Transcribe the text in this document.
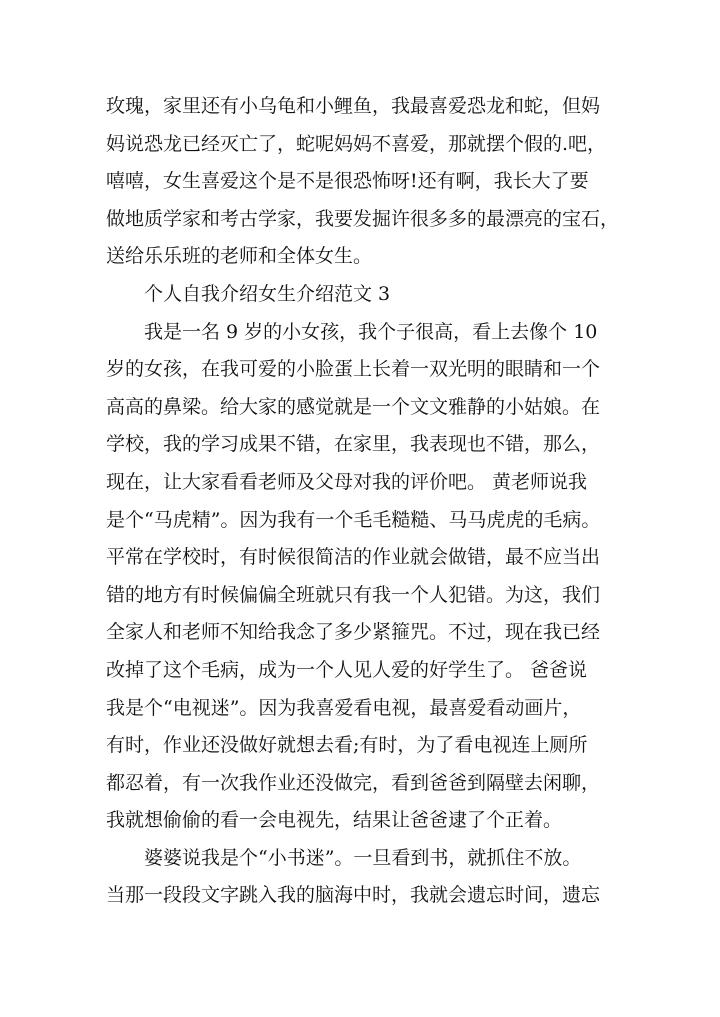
玫瑰，家里还有小乌龟和小鲤鱼，我最喜爱恐龙和蛇，但妈
妈说恐龙已经灭亡了，蛇呢妈妈不喜爱，那就摆个假的.吧，
嘻嘻，女生喜爱这个是不是很恐怖呀!还有啊，我长大了要
做地质学家和考古学家，我要发掘许很多多的最漂亮的宝石，
送给乐乐班的老师和全体女生。
个人自我介绍女生介绍范文 3
我是一名 9 岁的小女孩，我个子很高，看上去像个 10
岁的女孩，在我可爱的小脸蛋上长着一双光明的眼睛和一个
高高的鼻梁。给大家的感觉就是一个文文雅静的小姑娘。在
学校，我的学习成果不错，在家里，我表现也不错，那么，
现在，让大家看看老师及父母对我的评价吧。 黄老师说我
是个“马虎精”。因为我有一个毛毛糙糙、马马虎虎的毛病。
平常在学校时，有时候很简洁的作业就会做错，最不应当出
错的地方有时候偏偏全班就只有我一个人犯错。为这，我们
全家人和老师不知给我念了多少紧箍咒。不过，现在我已经
改掉了这个毛病，成为一个人见人爱的好学生了。 爸爸说
我是个“电视迷”。因为我喜爱看电视，最喜爱看动画片，
有时，作业还没做好就想去看;有时，为了看电视连上厕所
都忍着，有一次我作业还没做完，看到爸爸到隔壁去闲聊，
我就想偷偷的看一会电视先，结果让爸爸逮了个正着。
婆婆说我是个“小书迷”。一旦看到书，就抓住不放。
当那一段段文字跳入我的脑海中时，我就会遗忘时间，遗忘
